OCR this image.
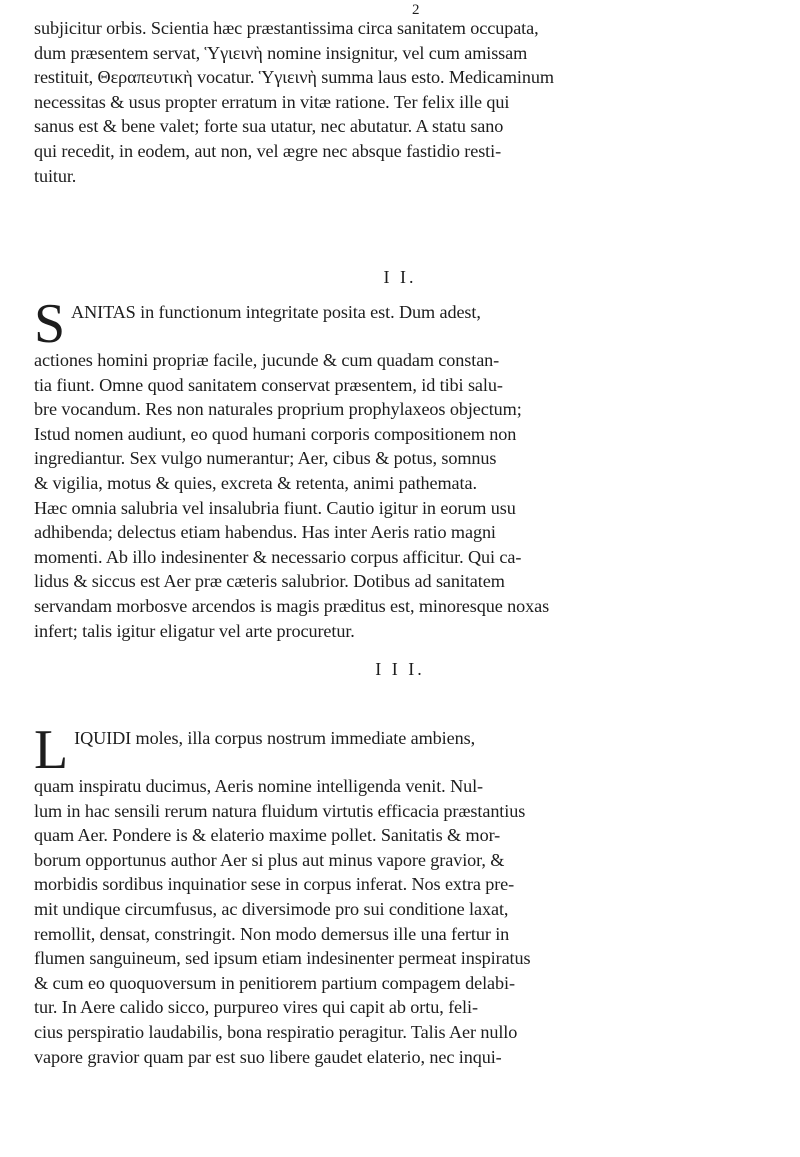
2
subjicitur orbis. Scientia hæc præstantissima circa sanitatem occupata,
dum præsentem servat, Ὑγιεινὴ nomine insignitur, vel cum amissam
restituit, Θεραπευτικὴ vocatur. Ὑγιεινὴ summa laus esto. Medicaminum
necessitas & usus propter erratum in vitæ ratione. Ter felix ille qui
sanus est & bene valet; forte sua utatur, nec abutatur. A statu sano
qui recedit, in eodem, aut non, vel ægre nec absque fastidio resti-
tuitur.
I I.
SANITAS in functionum integritate posita est. Dum adest,
actiones homini propriæ facile, jucunde & cum quadam constan-
tia fiunt. Omne quod sanitatem conservat præsentem, id tibi salu-
bre vocandum. Res non naturales proprium prophylaxeos objectum;
Istud nomen audiunt, eo quod humani corporis compositionem non
ingrediantur. Sex vulgo numerantur; Aer, cibus & potus, somnus
& vigilia, motus & quies, excreta & retenta, animi pathemata.
Hæc omnia salubria vel insalubria fiunt. Cautio igitur in eorum usu
adhibenda; delectus etiam habendus. Has inter Aeris ratio magni
momenti. Ab illo indesinenter & necessario corpus afficitur. Qui ca-
lidus & siccus est Aer præ cæteris salubrior. Dotibus ad sanitatem
servandam morbosve arcendos is magis præditus est, minoresque noxas
infert; talis igitur eligatur vel arte procuretur.
I I I.
LIQUIDI moles, illa corpus nostrum immediate ambiens,
quam inspiratu ducimus, Aeris nomine intelligenda venit. Nul-
lum in hac sensili rerum natura fluidum virtutis efficacia præstantius
quam Aer. Pondere is & elaterio maxime pollet. Sanitatis & mor-
borum opportunus author Aer si plus aut minus vapore gravior, &
morbidis sordibus inquinatior sese in corpus inferat. Nos extra pre-
mit undique circumfusus, ac diversimode pro sui conditione laxat,
remollit, densat, constringit. Non modo demersus ille una fertur in
flumen sanguineum, sed ipsum etiam indesinenter permeat inspiratus
& cum eo quoquoversum in penitiorem partium compagem delabi-
tur. In Aere calido siccо, purpureo vires qui capit ab ortu, feli-
cius perspiratio laudabilis, bona respiratio peragitur. Talis Aer nullo
vapore gravior quam par est suo libere gaudet elaterio, nec inqui-
